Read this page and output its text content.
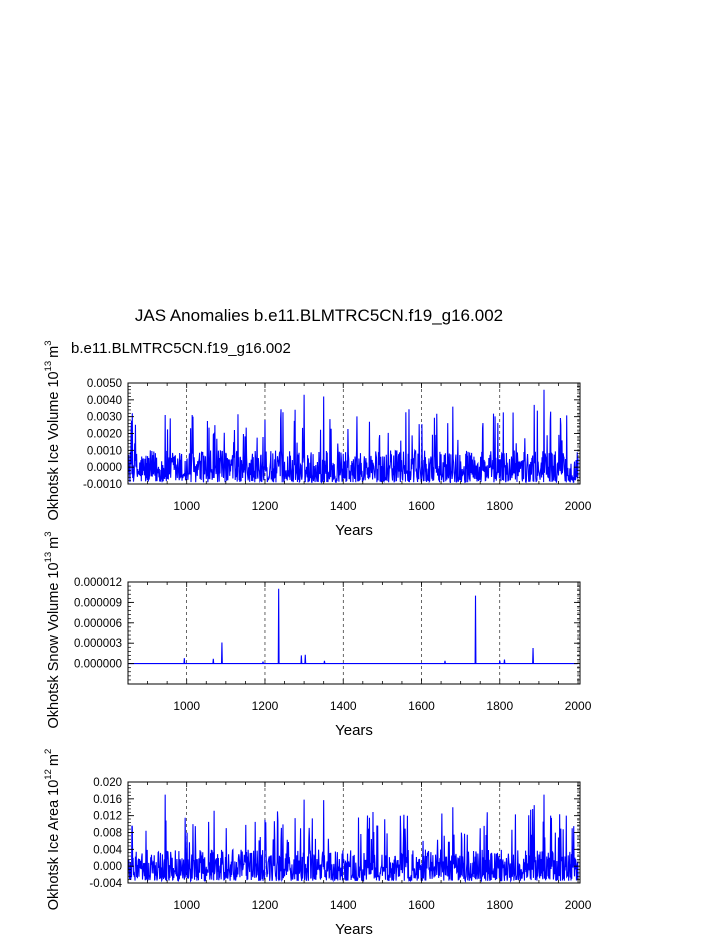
JAS Anomalies b.e11.BLMTRC5CN.f19_g16.002
b.e11.BLMTRC5CN.f19_g16.002
1000	1200	1400	1600	1800	2000
-0.0010
0.0000
0.0010
0.0020
0.0030
0.0040
0.0050
Years
Okhotsk Ice Volume $10^{13}m^3$
1000	1200	1400	1600	1800	2000
0.000000
0.000003
0.000006
0.000009
0.000012
Years
Okhotsk Snow Volume $10^{13}m^3$
1000	1200	1400	1600	1800	2000
-0.004
0.000
0.004
0.008
0.012
0.016
0.020
Years
Okhotsk Ice Area $10^{12}m^2$
